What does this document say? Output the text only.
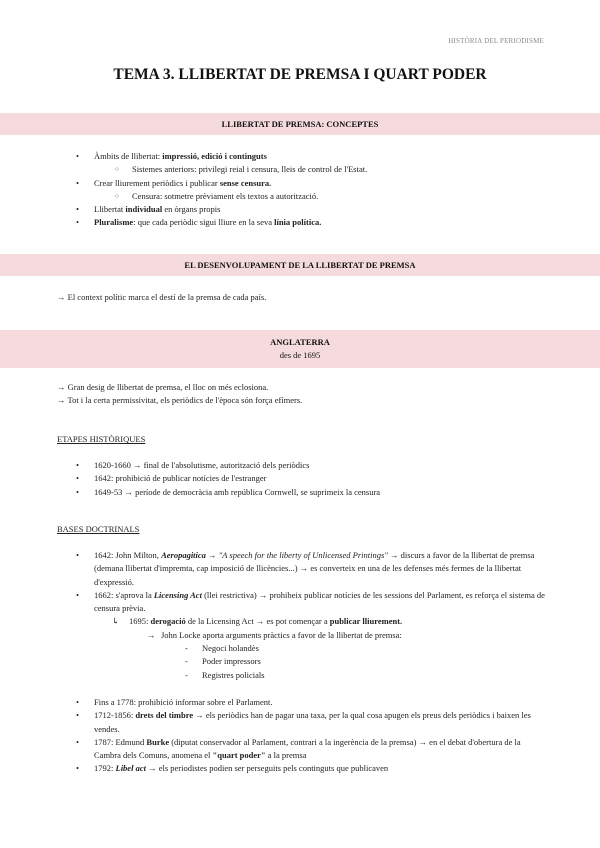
HISTÒRIA DEL PERIODISME
TEMA 3. LLIBERTAT DE PREMSA I QUART PODER
LLIBERTAT DE PREMSA: CONCEPTES
• Àmbits de llibertat: impressió, edició i continguts
○ Sistemes anteriors: privilegi reial i censura, lleis de control de l'Estat.
• Crear lliurement periòdics i publicar sense censura.
○ Censura: sotmetre prèviament els textos a autorització.
• Llibertat individual en òrgans propis
• Pluralisme: que cada periòdic sigui lliure en la seva línia política.
EL DESENVOLUPAMENT DE LA LLIBERTAT DE PREMSA

→ El context polític marca el destí de la premsa de cada país.

ANGLATERRA
des de 1695

→ Gran desig de llibertat de premsa, el lloc on més eclosiona.

→ Tot i la certa permissivitat, els periòdics de l'època són força efímers.

ETAPES HISTÒRIQUES

• 1620-1660 → final de l'absolutisme, autorització dels periòdics
• 1642: prohibició de publicar notícies de l'estranger
• 1649-53 → període de democràcia amb república Cornwell, se suprimeix la censura

BASES DOCTRINALS

• 1642: John Milton, Aeropagitica → "A speech for the liberty of Unlicensed Printings" → discurs a favor de la llibertat de premsa (demana llibertat d'impremta, cap imposició de llicències...) → es converteix en una de les defenses més fermes de la llibertat d'expressió.
• 1662: s'aprova la Licensing Act (llei restrictiva) → prohibeix publicar notícies de les sessions del Parlament, es reforça el sistema de censura prèvia.
↳ 1695: derogació de la Licensing Act → es pot començar a publicar lliurement.
→ John Locke aporta arguments pràctics a favor de la llibertat de premsa:
- Negoci holandès
- Poder impressors
- Registres policials
• Fins a 1778: prohibició informar sobre el Parlament.
• 1712-1856: drets del timbre → els periòdics han de pagar una taxa, per la qual cosa apugen els preus dels periòdics i baixen les vendes.
• 1787: Edmund Burke (diputat conservador al Parlament, contrari a la ingerència de la premsa) → en el debat d'obertura de la Cambra dels Comuns, anomena el "quart poder" a la premsa
• 1792: Libel act → els periodistes podien ser perseguits pels continguts que publicaven
